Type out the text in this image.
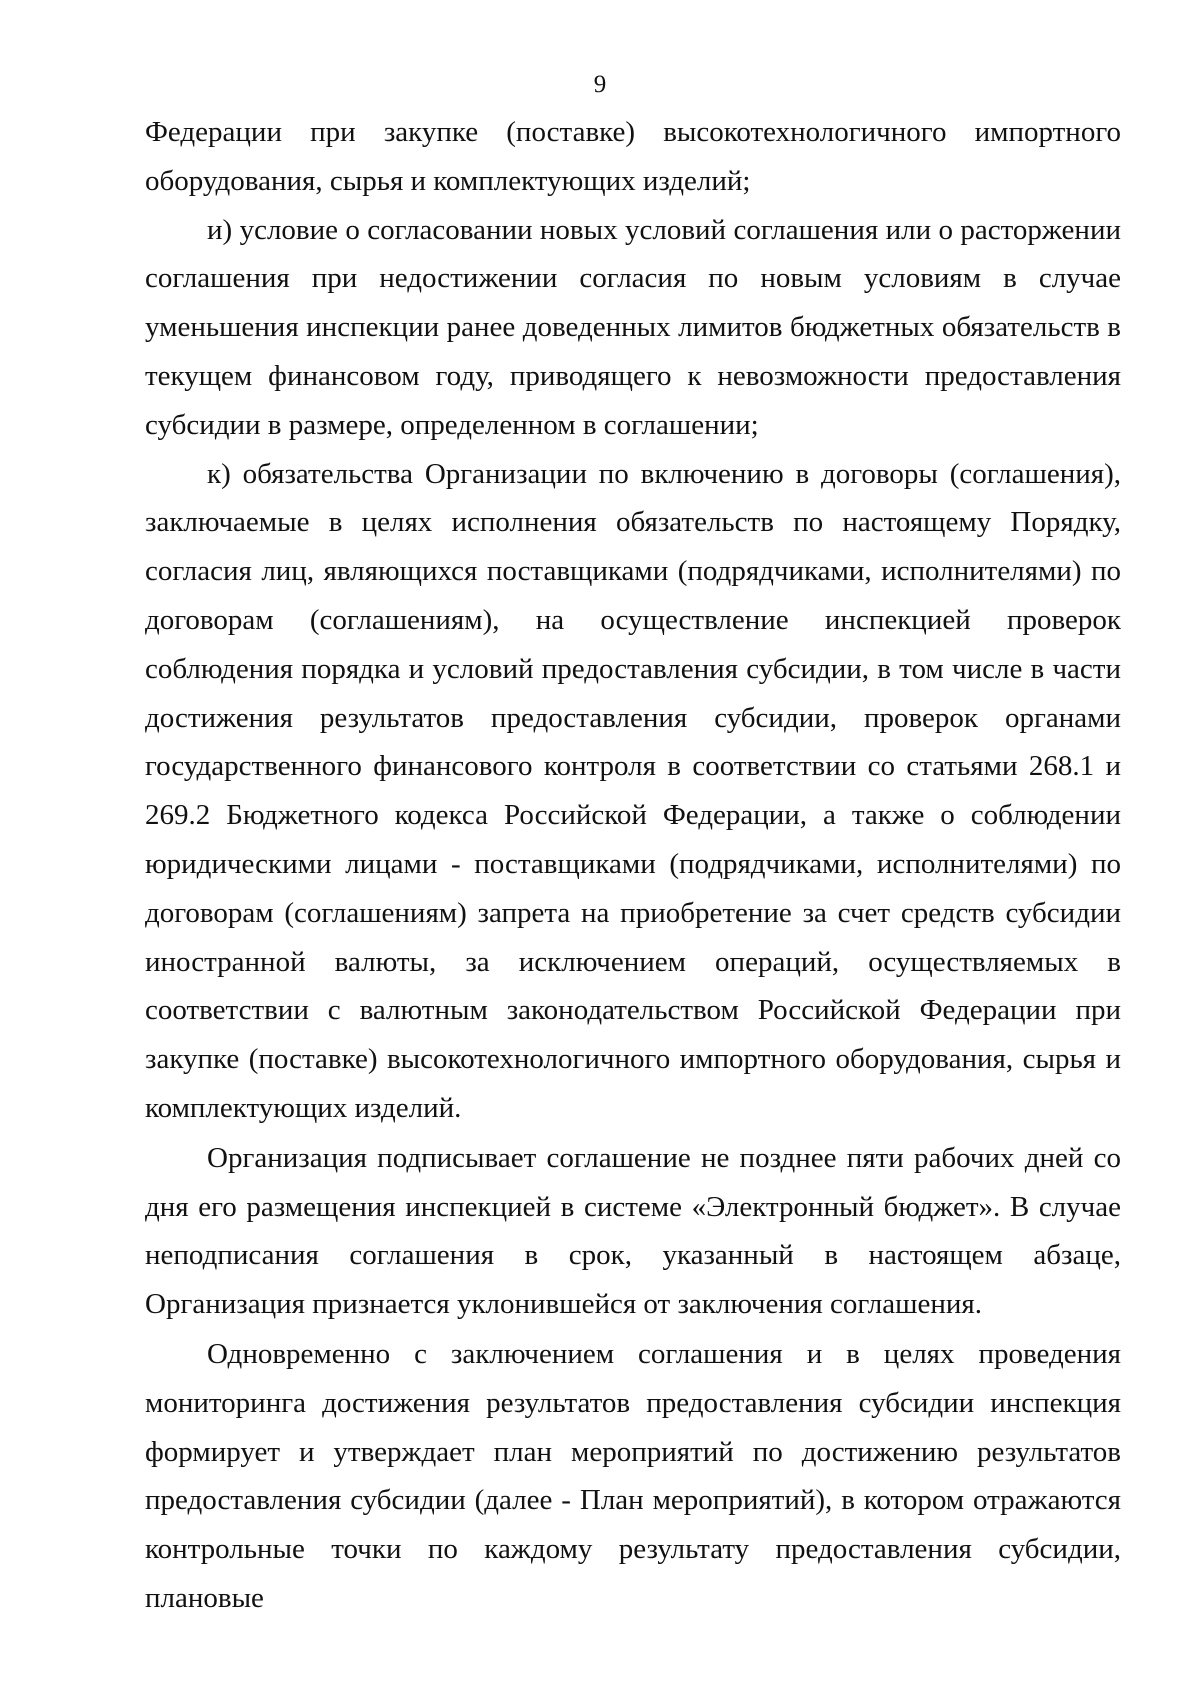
9

Федерации при закупке (поставке) высокотехнологичного импортного оборудования, сырья и комплектующих изделий;

и) условие о согласовании новых условий соглашения или о расторжении соглашения при недостижении согласия по новым условиям в случае уменьшения инспекции ранее доведенных лимитов бюджетных обязательств в текущем финансовом году, приводящего к невозможности предоставления субсидии в размере, определенном в соглашении;

к) обязательства Организации по включению в договоры (соглашения), заключаемые в целях исполнения обязательств по настоящему Порядку, согласия лиц, являющихся поставщиками (подрядчиками, исполнителями) по договорам (соглашениям), на осуществление инспекцией проверок соблюдения порядка и условий предоставления субсидии, в том числе в части достижения результатов предоставления субсидии, проверок органами государственного финансового контроля в соответствии со статьями 268.1 и 269.2 Бюджетного кодекса Российской Федерации, а также о соблюдении юридическими лицами - поставщиками (подрядчиками, исполнителями) по договорам (соглашениям) запрета на приобретение за счет средств субсидии иностранной валюты, за исключением операций, осуществляемых в соответствии с валютным законодательством Российской Федерации при закупке (поставке) высокотехнологичного импортного оборудования, сырья и комплектующих изделий.

Организация подписывает соглашение не позднее пяти рабочих дней со дня его размещения инспекцией в системе «Электронный бюджет». В случае неподписания соглашения в срок, указанный в настоящем абзаце, Организация признается уклонившейся от заключения соглашения.

Одновременно с заключением соглашения и в целях проведения мониторинга достижения результатов предоставления субсидии инспекция формирует и утверждает план мероприятий по достижению результатов предоставления субсидии (далее - План мероприятий), в котором отражаются контрольные точки по каждому результату предоставления субсидии, плановые
